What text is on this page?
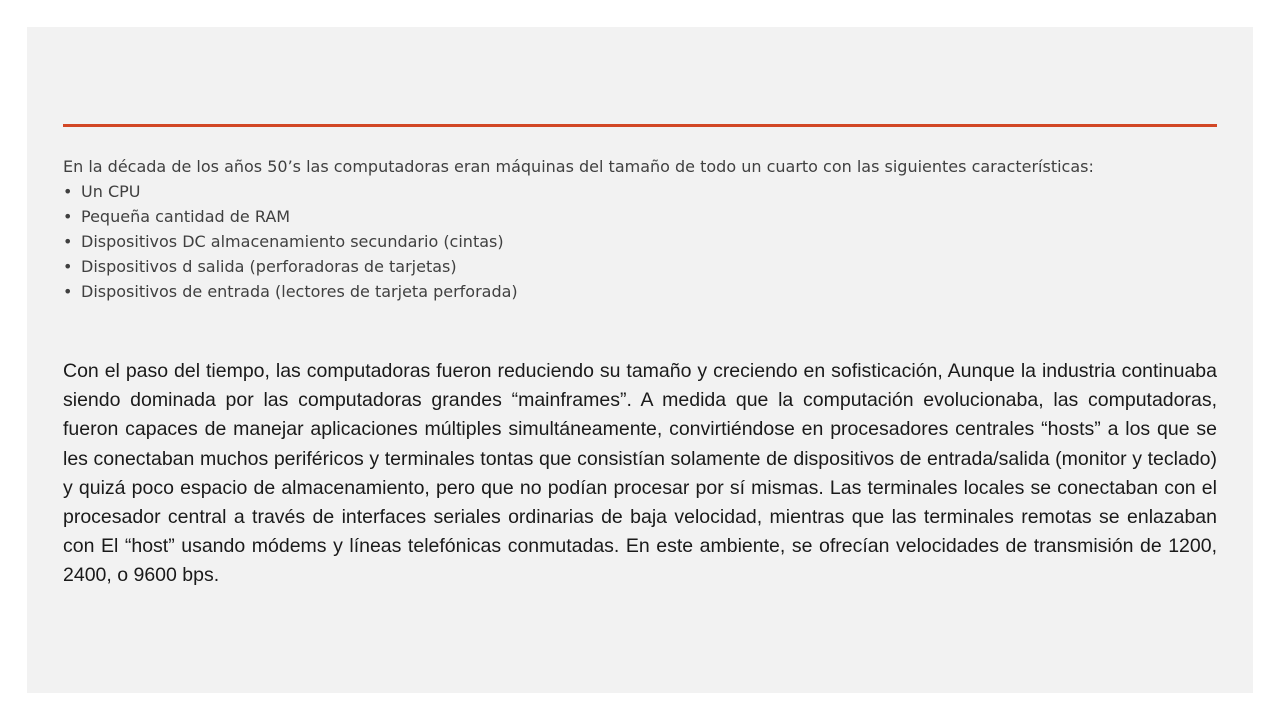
En la década de los años 50’s las computadoras eran máquinas del tamaño de todo un cuarto con las siguientes características:

• Un CPU
• Pequeña cantidad de RAM
• Dispositivos DC almacenamiento secundario (cintas)
• Dispositivos d salida (perforadoras de tarjetas)
• Dispositivos de entrada (lectores de tarjeta perforada)

Con el paso del tiempo, las computadoras fueron reduciendo su tamaño y creciendo en sofisticación, Aunque la industria continuaba siendo dominada por las computadoras grandes “mainframes”. A medida que la computación evolucionaba, las computadoras, fueron capaces de manejar aplicaciones múltiples simultáneamente, convirtiéndose en procesadores centrales “hosts” a los que se les conectaban muchos periféricos y terminales tontas que consistían solamente de dispositivos de entrada/salida (monitor y teclado) y quizá poco espacio de almacenamiento, pero que no podían procesar por sí mismas. Las terminales locales se conectaban con el procesador central a través de interfaces seriales ordinarias de baja velocidad, mientras que las terminales remotas se enlazaban con El “host” usando módems y líneas telefónicas conmutadas. En este ambiente, se ofrecían velocidades de transmisión de 1200, 2400, o 9600 bps.
